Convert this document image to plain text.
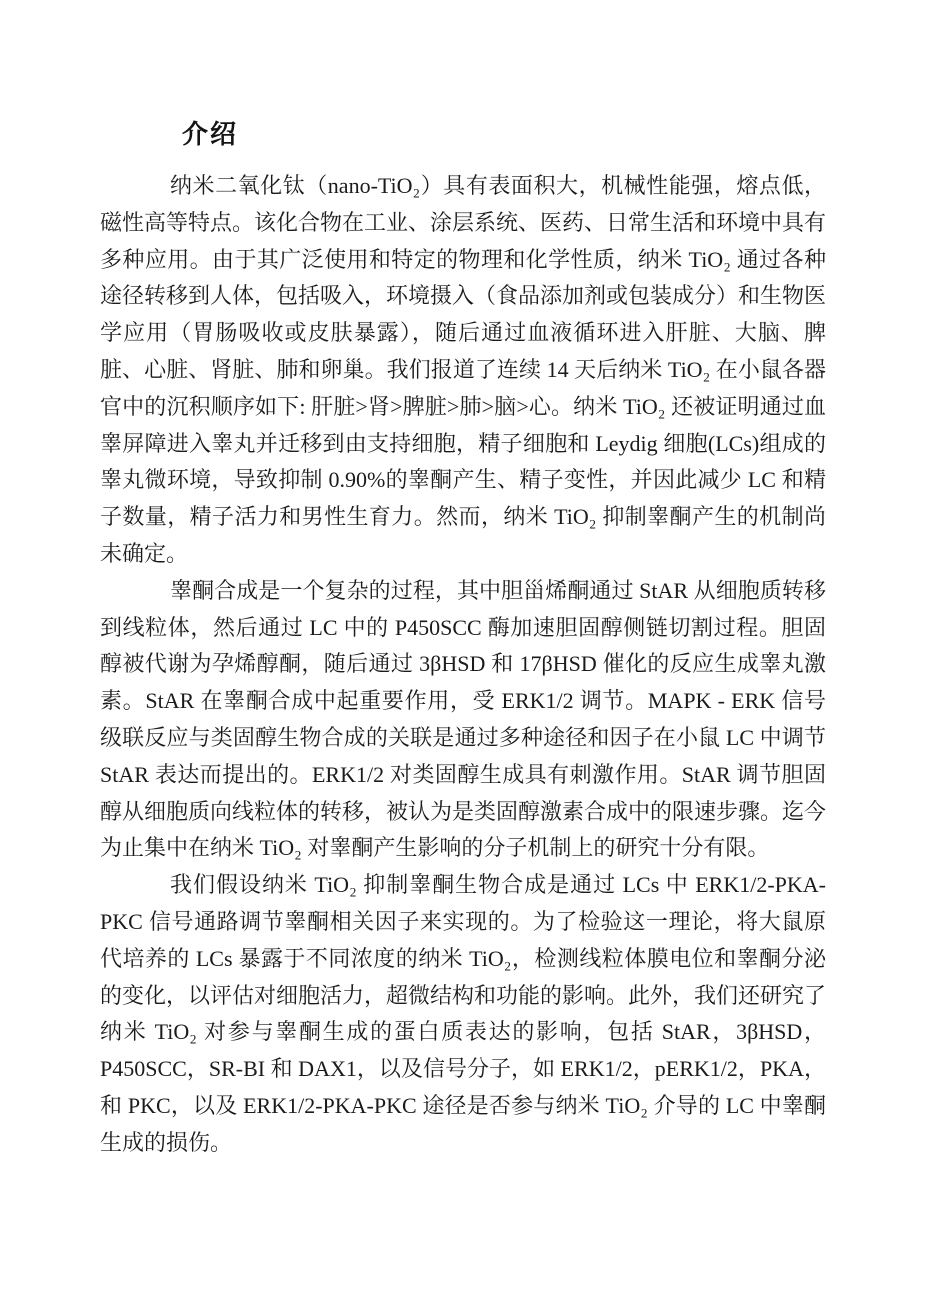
介绍

纳米二氧化钛（nano-TiO₂）具有表面积大，机械性能强，熔点低，磁性高等特点。该化合物在工业、涂层系统、医药、日常生活和环境中具有多种应用。由于其广泛使用和特定的物理和化学性质，纳米 TiO₂ 通过各种途径转移到人体，包括吸入，环境摄入（食品添加剂或包装成分）和生物医学应用（胃肠吸收或皮肤暴露），随后通过血液循环进入肝脏、大脑、脾脏、心脏、肾脏、肺和卵巢。我们报道了连续 14 天后纳米 TiO₂ 在小鼠各器官中的沉积顺序如下: 肝脏>肾>脾脏>肺>脑>心。纳米 TiO₂ 还被证明通过血睾屏障进入睾丸并迁移到由支持细胞，精子细胞和 Leydig 细胞(LCs)组成的睾丸微环境，导致抑制 0.90%的睾酮产生、精子变性，并因此减少 LC 和精子数量，精子活力和男性生育力。然而，纳米 TiO₂ 抑制睾酮产生的机制尚未确定。

睾酮合成是一个复杂的过程，其中胆甾烯酮通过 StAR 从细胞质转移到线粒体，然后通过 LC 中的 P450SCC 酶加速胆固醇侧链切割过程。胆固醇被代谢为孕烯醇酮，随后通过 3βHSD 和 17βHSD 催化的反应生成睾丸激素。StAR 在睾酮合成中起重要作用，受 ERK1/2 调节。MAPK - ERK 信号级联反应与类固醇生物合成的关联是通过多种途径和因子在小鼠 LC 中调节 StAR 表达而提出的。ERK1/2 对类固醇生成具有刺激作用。StAR 调节胆固醇从细胞质向线粒体的转移，被认为是类固醇激素合成中的限速步骤。迄今为止集中在纳米 TiO₂ 对睾酮产生影响的分子机制上的研究十分有限。

我们假设纳米 TiO₂ 抑制睾酮生物合成是通过 LCs 中 ERK1/2-PKA-PKC 信号通路调节睾酮相关因子来实现的。为了检验这一理论，将大鼠原代培养的 LCs 暴露于不同浓度的纳米 TiO₂，检测线粒体膜电位和睾酮分泌的变化，以评估对细胞活力，超微结构和功能的影响。此外，我们还研究了纳米 TiO₂ 对参与睾酮生成的蛋白质表达的影响，包括 StAR，3βHSD，P450SCC，SR-BI 和 DAX1，以及信号分子，如 ERK1/2，pERK1/2，PKA，和 PKC，以及 ERK1/2-PKA-PKC 途径是否参与纳米 TiO₂ 介导的 LC 中睾酮生成的损伤。
